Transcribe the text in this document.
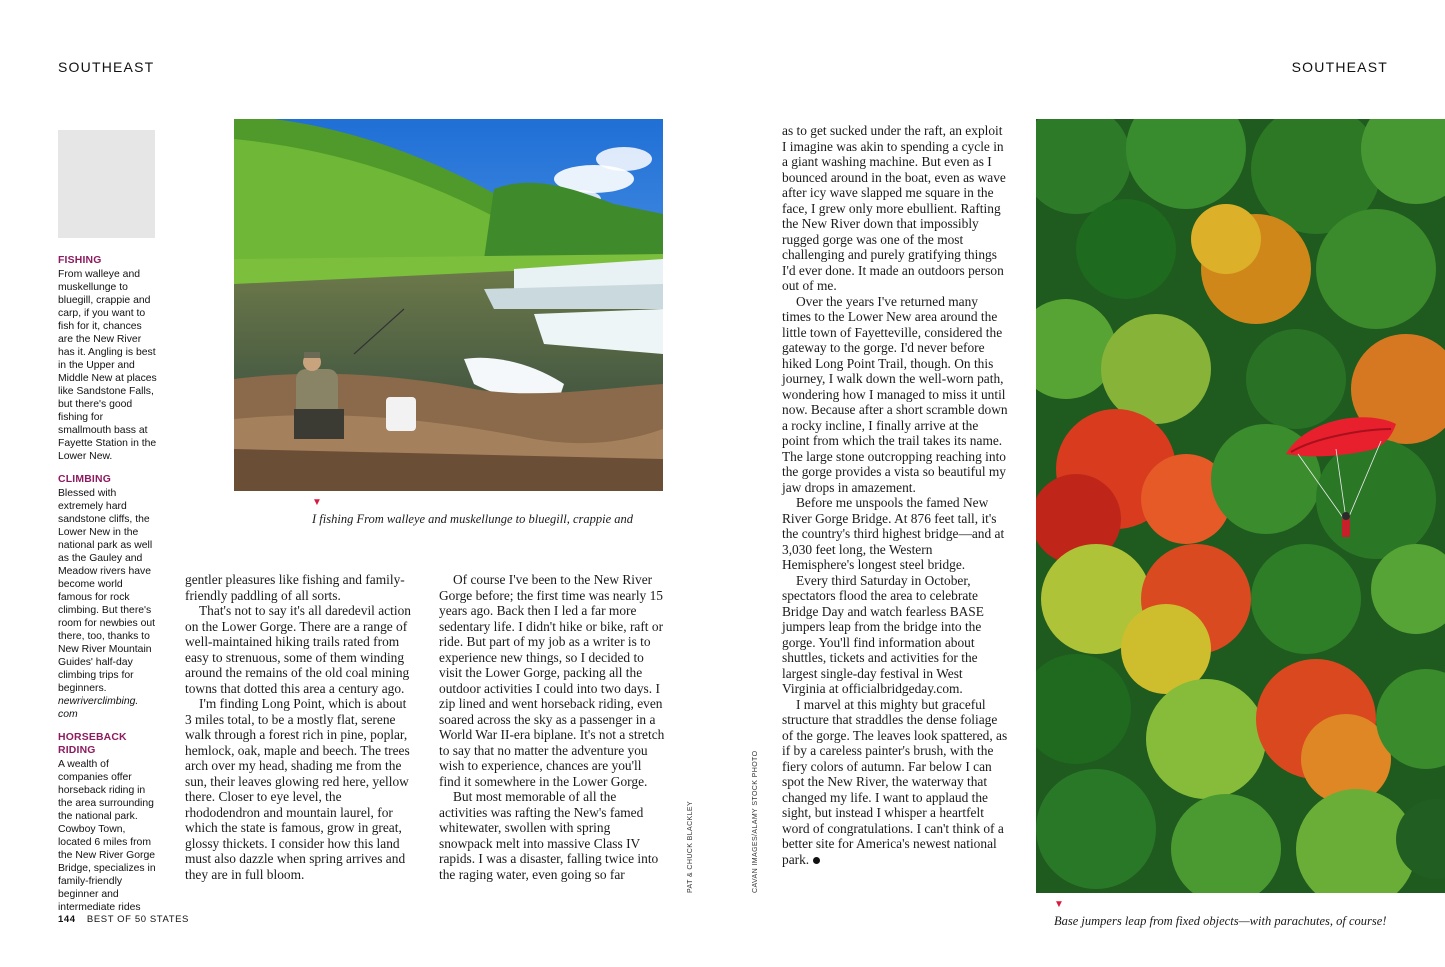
SOUTHEAST	SOUTHEAST
FISHING
From walleye and muskellunge to bluegill, crappie and carp, if you want to fish for it, chances are the New River has it. Angling is best in the Upper and Middle New at places like Sandstone Falls, but there's good fishing for smallmouth bass at Fayette Station in the Lower New.
CLIMBING
Blessed with extremely hard sandstone cliffs, the Lower New in the national park as well as the Gauley and Meadow rivers have become world famous for rock climbing. But there's room for newbies out there, too, thanks to New River Mountain Guides' half-day climbing trips for beginners. newriverclimbing. com
HORSEBACK RIDING
A wealth of companies offer horseback riding in the area surrounding the national park. Cowboy Town, located 6 miles from the New River Gorge Bridge, specializes in family-friendly beginner and intermediate rides
▼
I fishing From walleye and muskellunge to bluegill, crappie and

gentler pleasures like fishing and family-friendly paddling of all sorts.

That's not to say it's all daredevil action on the Lower Gorge. There are a range of well-maintained hiking trails rated from easy to strenuous, some of them winding around the remains of the old coal mining towns that dotted this area a century ago.

I'm finding Long Point, which is about 3 miles total, to be a mostly flat, serene walk through a forest rich in pine, poplar, hemlock, oak, maple and beech. The trees arch over my head, shading me from the sun, their leaves glowing red here, yellow there. Closer to eye level, the rhododendron and mountain laurel, for which the state is famous, grow in great, glossy thickets. I consider how this land must also dazzle when spring arrives and they are in full bloom.

Of course I've been to the New River Gorge before; the first time was nearly 15 years ago. Back then I led a far more sedentary life. I didn't hike or bike, raft or ride. But part of my job as a writer is to experience new things, so I decided to visit the Lower Gorge, packing all the outdoor activities I could into two days. I zip lined and went horseback riding, even soared across the sky as a passenger in a World War II-era biplane. It's not a stretch to say that no matter the adventure you wish to experience, chances are you'll find it somewhere in the Lower Gorge.

But most memorable of all the activities was rafting the New's famed whitewater, swollen with spring snowpack melt into massive Class IV rapids. I was a disaster, falling twice into the raging water, even going so far

as to get sucked under the raft, an exploit I imagine was akin to spending a cycle in a giant washing machine. But even as I bounced around in the boat, even as wave after icy wave slapped me square in the face, I grew only more ebullient. Rafting the New River down that impossibly rugged gorge was one of the most challenging and purely gratifying things I'd ever done. It made an outdoors person out of me.

Over the years I've returned many times to the Lower New area around the little town of Fayetteville, considered the gateway to the gorge. I'd never before hiked Long Point Trail, though. On this journey, I walk down the well-worn path, wondering how I managed to miss it until now. Because after a short scramble down a rocky incline, I finally arrive at the point from which the trail takes its name. The large stone outcropping reaching into the gorge provides a vista so beautiful my jaw drops in amazement.

Before me unspools the famed New River Gorge Bridge. At 876 feet tall, it's the country's third highest bridge—and at 3,030 feet long, the Western Hemisphere's longest steel bridge.

Every third Saturday in October, spectators flood the area to celebrate Bridge Day and watch fearless BASE jumpers leap from the bridge into the gorge. You'll find information about shuttles, tickets and activities for the largest single-day festival in West Virginia at officialbridgeday.com.

I marvel at this mighty but graceful structure that straddles the dense foliage of the gorge. The leaves look spattered, as if by a careless painter's brush, with the fiery colors of autumn. Far below I can spot the New River, the waterway that changed my life. I want to applaud the sight, but instead I whisper a heartfelt word of congratulations. I can't think of a better site for America's newest national park.

PAT & CHUCK BLACKLEY	CAVAN IMAGES/ALAMY STOCK PHOTO
▼
Base jumpers leap from fixed objects—with parachutes, of course!
144 BEST OF 50 STATES
